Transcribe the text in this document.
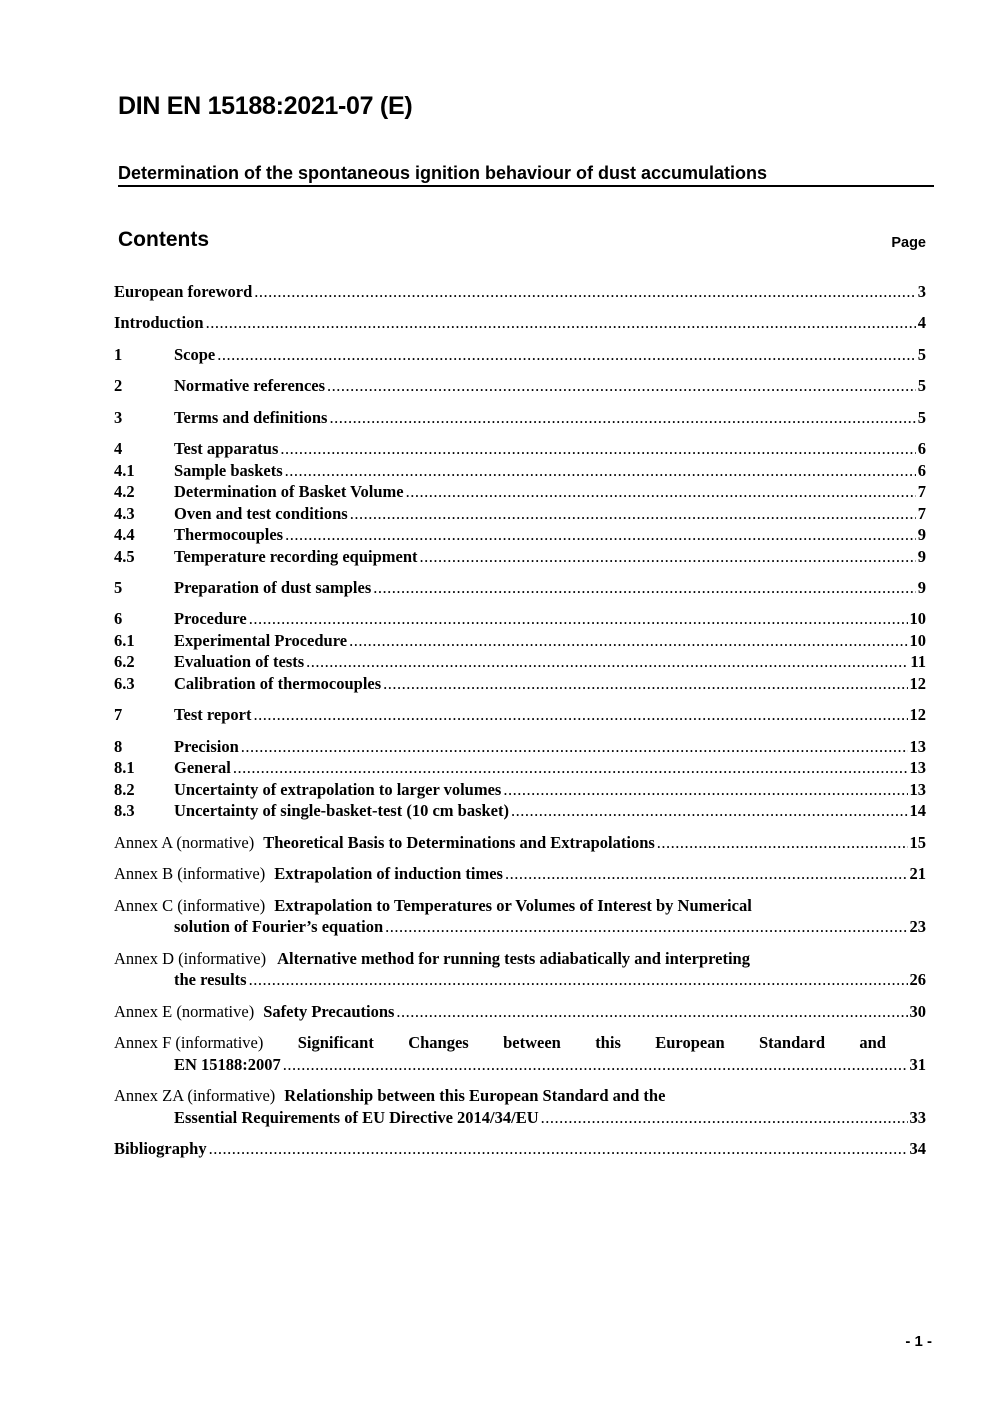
DIN EN 15188:2021-07 (E)
Determination of the spontaneous ignition behaviour of dust accumulations
Contents	Page
European foreword .....	3
Introduction .....	4
1	Scope .....	5
2	Normative references .....	5
3	Terms and definitions .....	5
4	Test apparatus .....	6
4.1	Sample baskets .....	6
4.2	Determination of Basket Volume .....	7
4.3	Oven and test conditions .....	7
4.4	Thermocouples .....	9
4.5	Temperature recording equipment .....	9
5	Preparation of dust samples .....	9
6	Procedure .....	10
6.1	Experimental Procedure .....	10
6.2	Evaluation of tests .....	11
6.3	Calibration of thermocouples .....	12
7	Test report .....	12
8	Precision .....	13
8.1	General .....	13
8.2	Uncertainty of extrapolation to larger volumes .....	13
8.3	Uncertainty of single-basket-test (10 cm basket) .....	14
Annex A (normative) Theoretical Basis to Determinations and Extrapolations .....	15
Annex B (informative) Extrapolation of induction times .....	21
Annex C (informative) Extrapolation to Temperatures or Volumes of Interest by Numerical
solution of Fourier’s equation .....	23
Annex D (informative) Alternative method for running tests adiabatically and interpreting
the results .....	26
Annex E (normative) Safety Precautions .....	30
Annex F (informative) Significant Changes between this European Standard and
EN 15188:2007 .....	31
Annex ZA (informative) Relationship between this European Standard and the
Essential Requirements of EU Directive 2014/34/EU .....	33
Bibliography .....	34
- 1 -
